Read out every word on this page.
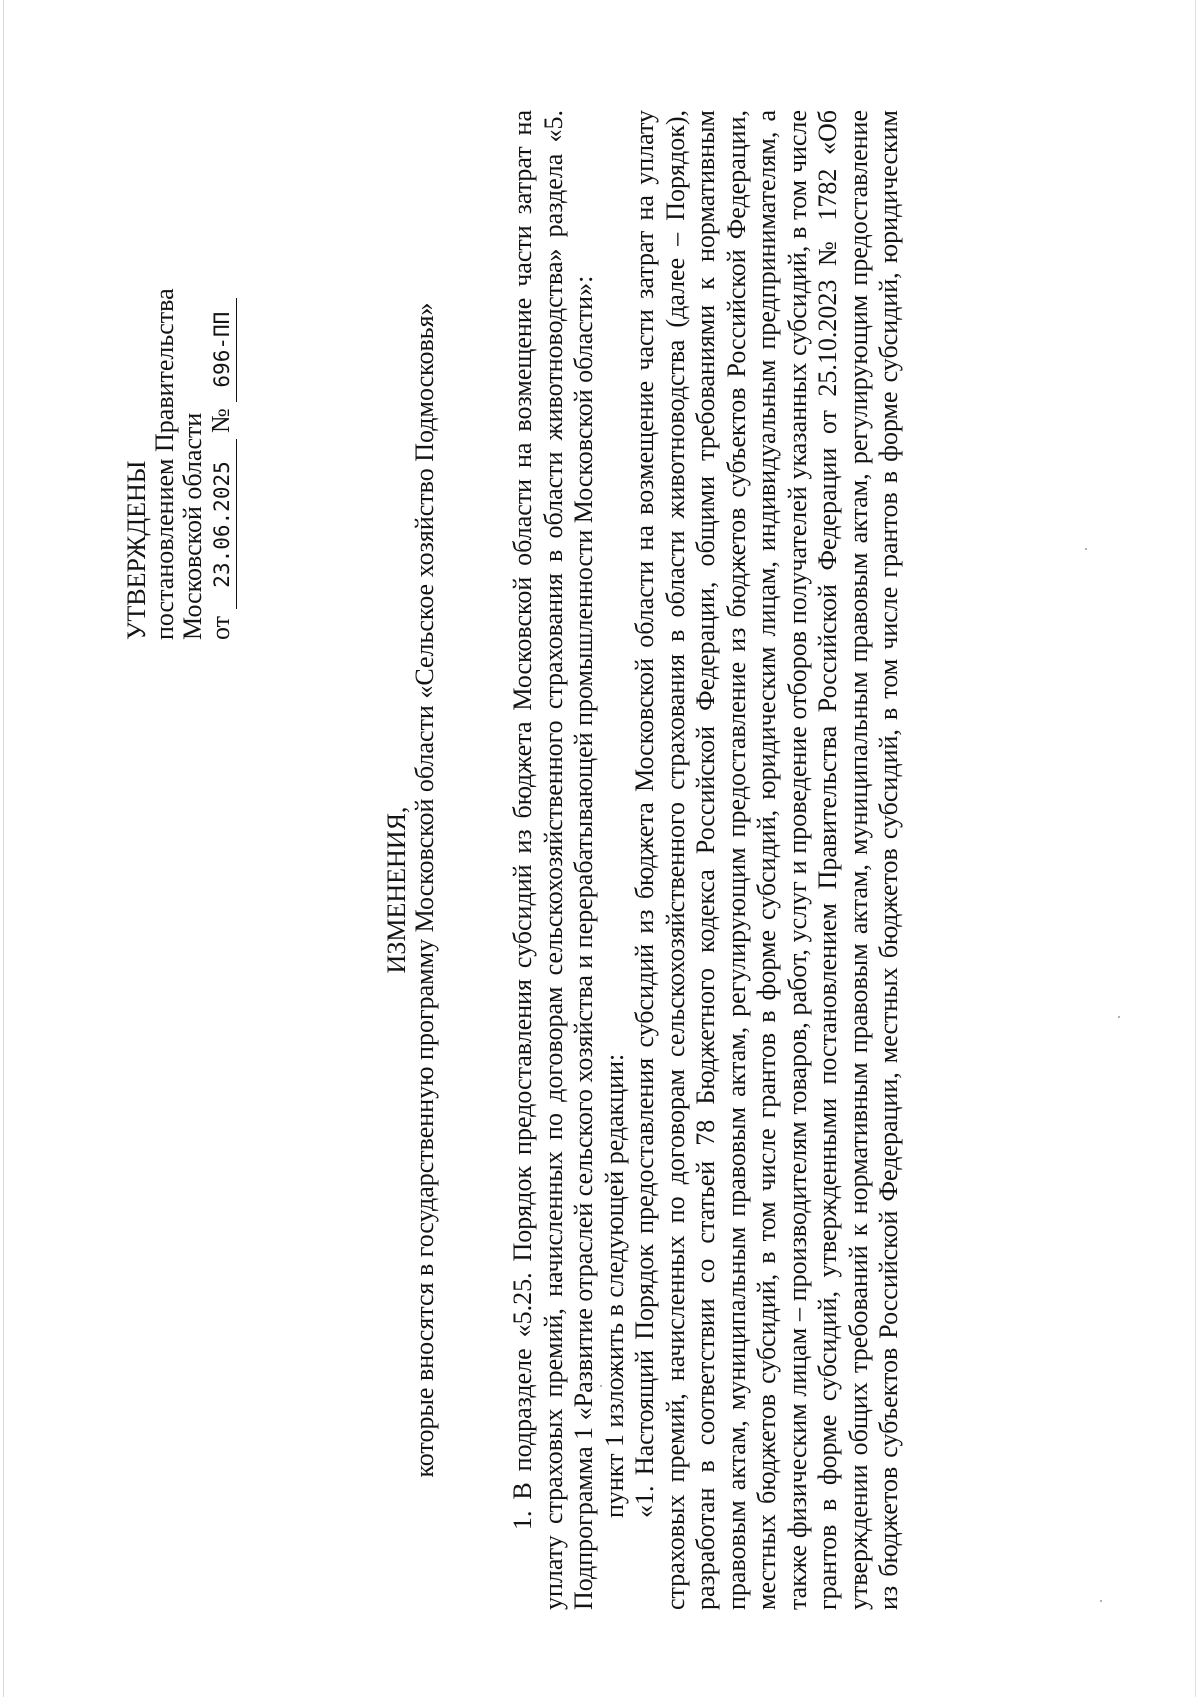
УТВЕРЖДЕНЫ постановлением Правительства Московской области от 23.06.2025 № 696-ПП
ИЗМЕНЕНИЯ, которые вносятся в государственную программу Московской области «Сельское хозяйство Подмосковья»	1. В подразделе «5.25. Порядок предоставления субсидий из бюджета Московской области на возмещение части затрат на уплату страховых премий, начисленных по договорам сельскохозяйственного страхования в области животноводства» раздела «5. Подпрограмма 1 «Развитие отраслей сельского хозяйства и перерабатывающей промышленности Московской области»: пункт 1 изложить в следующей редакции: «1. Настоящий Порядок предоставления субсидий из бюджета Московской области на возмещение части затрат на уплату страховых премий, начисленных по договорам сельскохозяйственного страхования в области животноводства (далее – Порядок), разработан в соответствии со статьей 78 Бюджетного кодекса Российской Федерации, общими требованиями к нормативным правовым актам, муниципальным правовым актам, регулирующим предоставление из бюджетов субъектов Российской Федерации, местных бюджетов субсидий, в том числе грантов в форме субсидий, юридическим лицам, индивидуальным предпринимателям, а также физическим лицам – производителям товаров, работ, услуг и проведение отборов получателей указанных субсидий, в том числе грантов в форме субсидий, утвержденными постановлением Правительства Российской Федерации от 25.10.2023 № 1782 «Об утверждении общих требований к нормативным правовым актам, муниципальным правовым актам, регулирующим предоставление из бюджетов субъектов Российской Федерации, местных бюджетов субсидий, в том числе грантов в форме субсидий, юридическим
